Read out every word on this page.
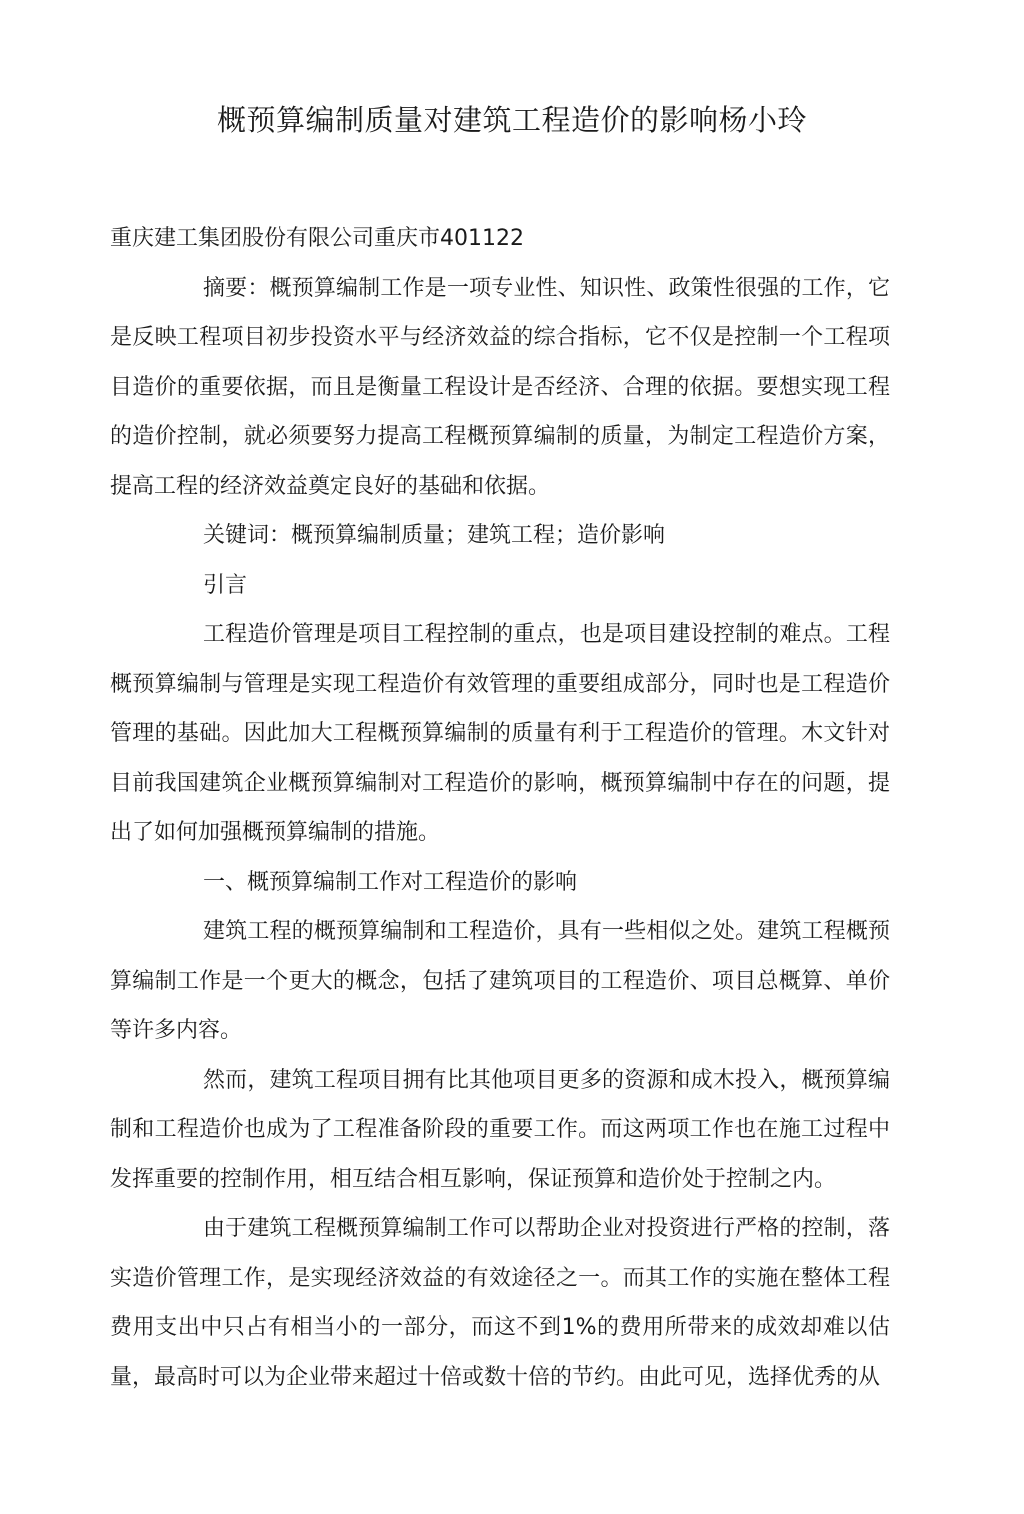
概预算编制质量对建筑工程造价的影响杨小玲

重庆建工集团股份有限公司重庆市401122

摘要：概预算编制工作是一项专业性、知识性、政策性很强的工作，它是反映工程项目初步投资水平与经济效益的综合指标，它不仅是控制一个工程项目造价的重要依据，而且是衡量工程设计是否经济、合理的依据。要想实现工程的造价控制，就必须要努力提高工程概预算编制的质量，为制定工程造价方案，提高工程的经济效益奠定良好的基础和依据。

关键词：概预算编制质量；建筑工程；造价影响

引言

工程造价管理是项目工程控制的重点，也是项目建设控制的难点。工程概预算编制与管理是实现工程造价有效管理的重要组成部分，同时也是工程造价管理的基础。因此加大工程概预算编制的质量有利于工程造价的管理。木文针对目前我国建筑企业概预算编制对工程造价的影响，概预算编制中存在的问题，提出了如何加强概预算编制的措施。

一、概预算编制工作对工程造价的影响

建筑工程的概预算编制和工程造价，具有一些相似之处。建筑工程概预算编制工作是一个更大的概念，包括了建筑项目的工程造价、项目总概算、单价等许多内容。

然而，建筑工程项目拥有比其他项目更多的资源和成木投入，概预算编制和工程造价也成为了工程准备阶段的重要工作。而这两项工作也在施工过程中发挥重要的控制作用，相互结合相互影响，保证预算和造价处于控制之内。

由于建筑工程概预算编制工作可以帮助企业对投资进行严格的控制，落实造价管理工作，是实现经济效益的有效途径之一。而其工作的实施在整体工程费用支出中只占有相当小的一部分，而这不到1%的费用所带来的成效却难以估量，最高时可以为企业带来超过十倍或数十倍的节约。由此可见，选择优秀的从
